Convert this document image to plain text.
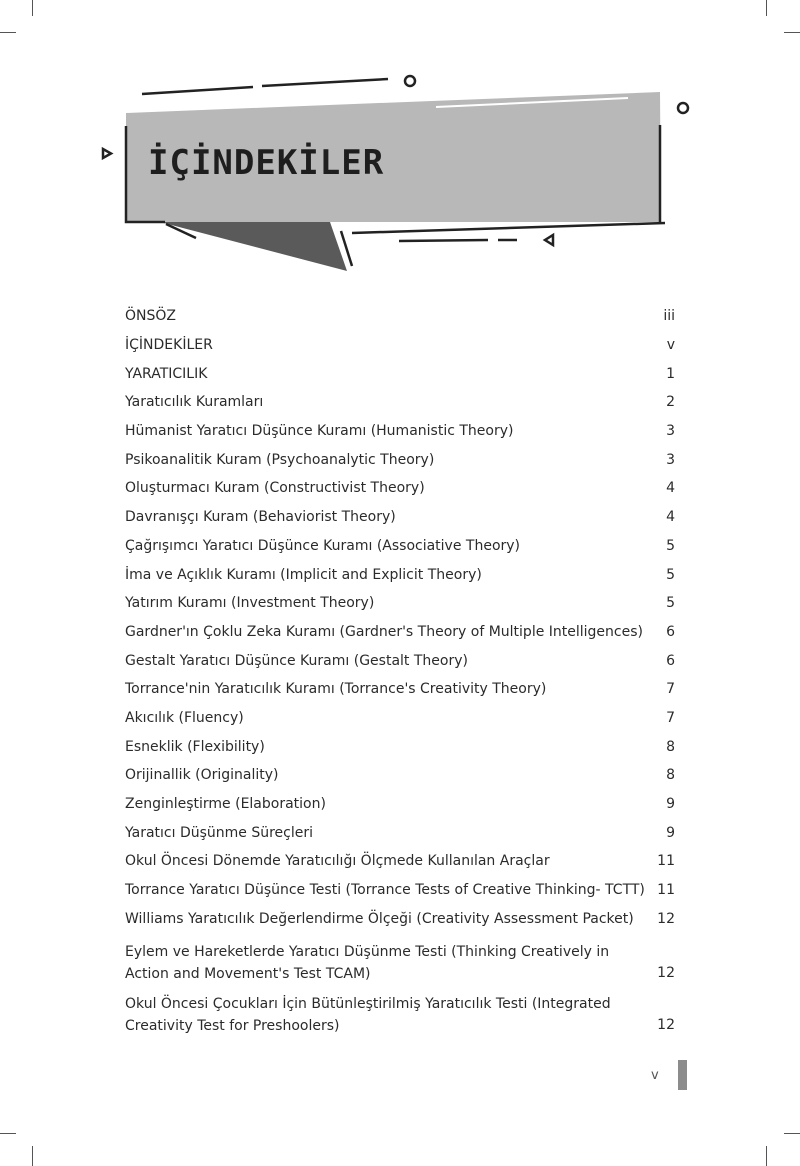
İÇİNDEKİLER
ÖNSÖZ	iii
İÇİNDEKİLER	v
YARATICILIK	1
Yaratıcılık Kuramları	2
Hümanist Yaratıcı Düşünce Kuramı (Humanistic Theory)	3
Psikoanalitik Kuram (Psychoanalytic Theory)	3
Oluşturmacı Kuram (Constructivist Theory)	4
Davranışçı Kuram (Behaviorist Theory)	4
Çağrışımcı Yaratıcı Düşünce Kuramı (Associative Theory)	5
İma ve Açıklık Kuramı (Implicit and Explicit Theory)	5
Yatırım Kuramı (Investment Theory)	5
Gardner'ın Çoklu Zeka Kuramı (Gardner's Theory of Multiple Intelligences)	6
Gestalt Yaratıcı Düşünce Kuramı (Gestalt Theory)	6
Torrance'nin Yaratıcılık Kuramı (Torrance's Creativity Theory)	7
Akıcılık (Fluency)	7
Esneklik (Flexibility)	8
Orijinallik (Originality)	8
Zenginleştirme (Elaboration)	9
Yaratıcı Düşünme Süreçleri	9
Okul Öncesi Dönemde Yaratıcılığı Ölçmede Kullanılan Araçlar	11
Torrance Yaratıcı Düşünce Testi (Torrance Tests of Creative Thinking- TCTT) 11
Williams Yaratıcılık Değerlendirme Ölçeği (Creativity Assessment Packet)	12
Eylem ve Hareketlerde Yaratıcı Düşünme Testi (Thinking Creatively in Action and Movement's Test TCAM)	12
Okul Öncesi Çocukları İçin Bütünleştirilmiş Yaratıcılık Testi (Integrated Creativity Test for Preshoolers)	12
v
